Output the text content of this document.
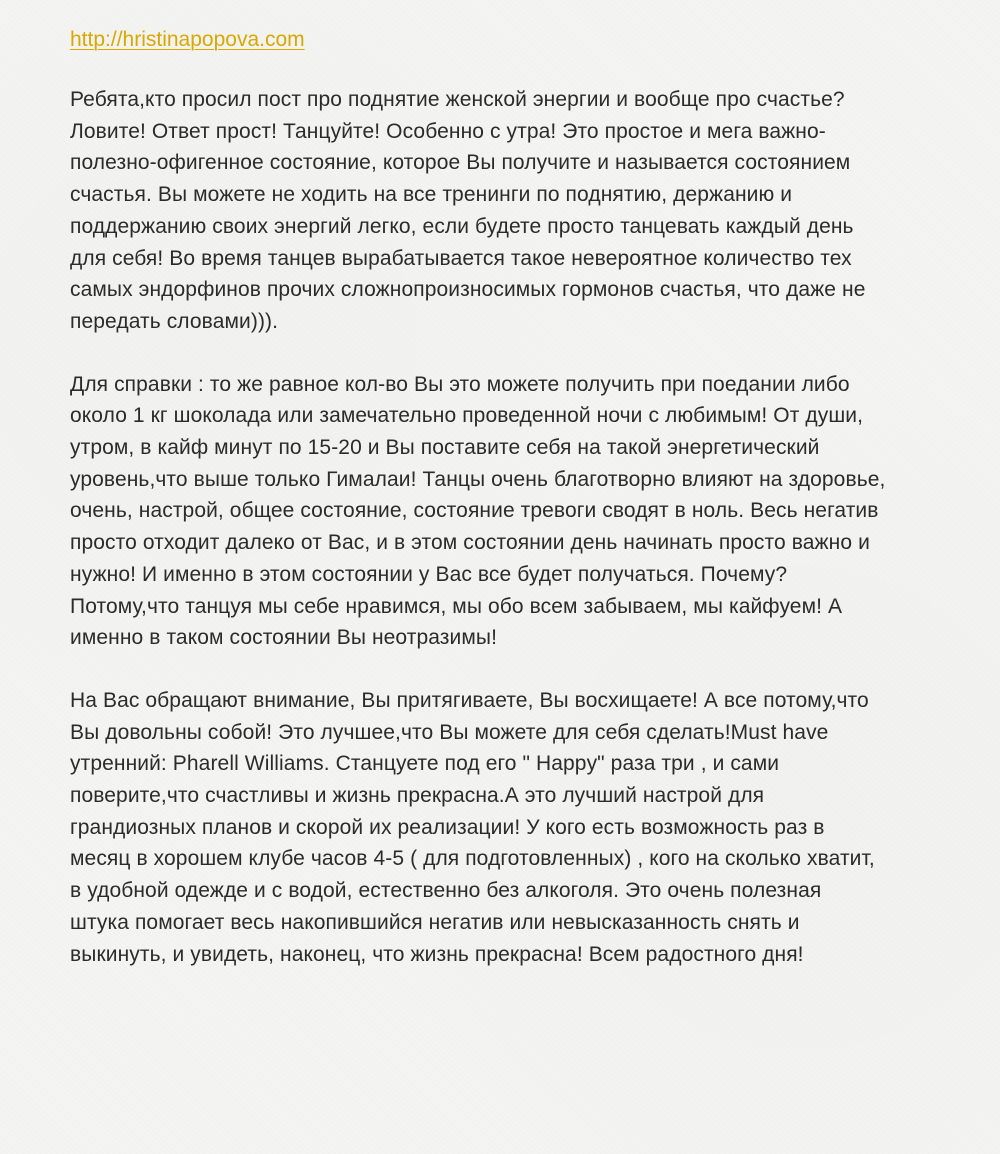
http://hristinapopova.com
Ребята,кто просил пост про поднятие женской энергии и вообще про счастье?
Ловите! Ответ прост! Танцуйте! Особенно с утра! Это простое и мега важно-
полезно-офигенное состояние, которое Вы получите и называется состоянием
счастья. Вы можете не ходить на все тренинги по поднятию, держанию и
поддержанию своих энергий легко, если будете просто танцевать каждый день
для себя! Во время танцев вырабатывается такое невероятное количество тех
самых эндорфинов прочих сложнопроизносимых гормонов счастья, что даже не
передать словами))).
Для справки : то же равное кол-во Вы это можете получить при поедании либо
около 1 кг шоколада или замечательно проведенной ночи с любимым! От души,
утром, в кайф минут по 15-20 и Вы поставите себя на такой энергетический
уровень,что выше только Гималаи! Танцы очень благотворно влияют на здоровье,
очень, настрой, общее состояние, состояние тревоги сводят в ноль. Весь негатив
просто отходит далеко от Вас, и в этом состоянии день начинать просто важно и
нужно! И именно в этом состоянии у Вас все будет получаться. Почему?
Потому,что танцуя мы себе нравимся, мы обо всем забываем, мы кайфуем! А
именно в таком состоянии Вы неотразимы!
На Вас обращают внимание, Вы притягиваете, Вы восхищаете! А все потому,что
Вы довольны собой! Это лучшее,что Вы можете для себя сделать!Must have
утренний: Pharell Williams. Станцуете под его " Happy" раза три , и сами
поверите,что счастливы и жизнь прекрасна.А это лучший настрой для
грандиозных планов и скорой их реализации! У кого есть возможность раз в
месяц в хорошем клубе часов 4-5 ( для подготовленных) , кого на сколько хватит,
в удобной одежде и с водой, естественно без алкоголя. Это очень полезная
штука помогает весь накопившийся негатив или невысказанность снять и
выкинуть, и увидеть, наконец, что жизнь прекрасна! Всем радостного дня!
